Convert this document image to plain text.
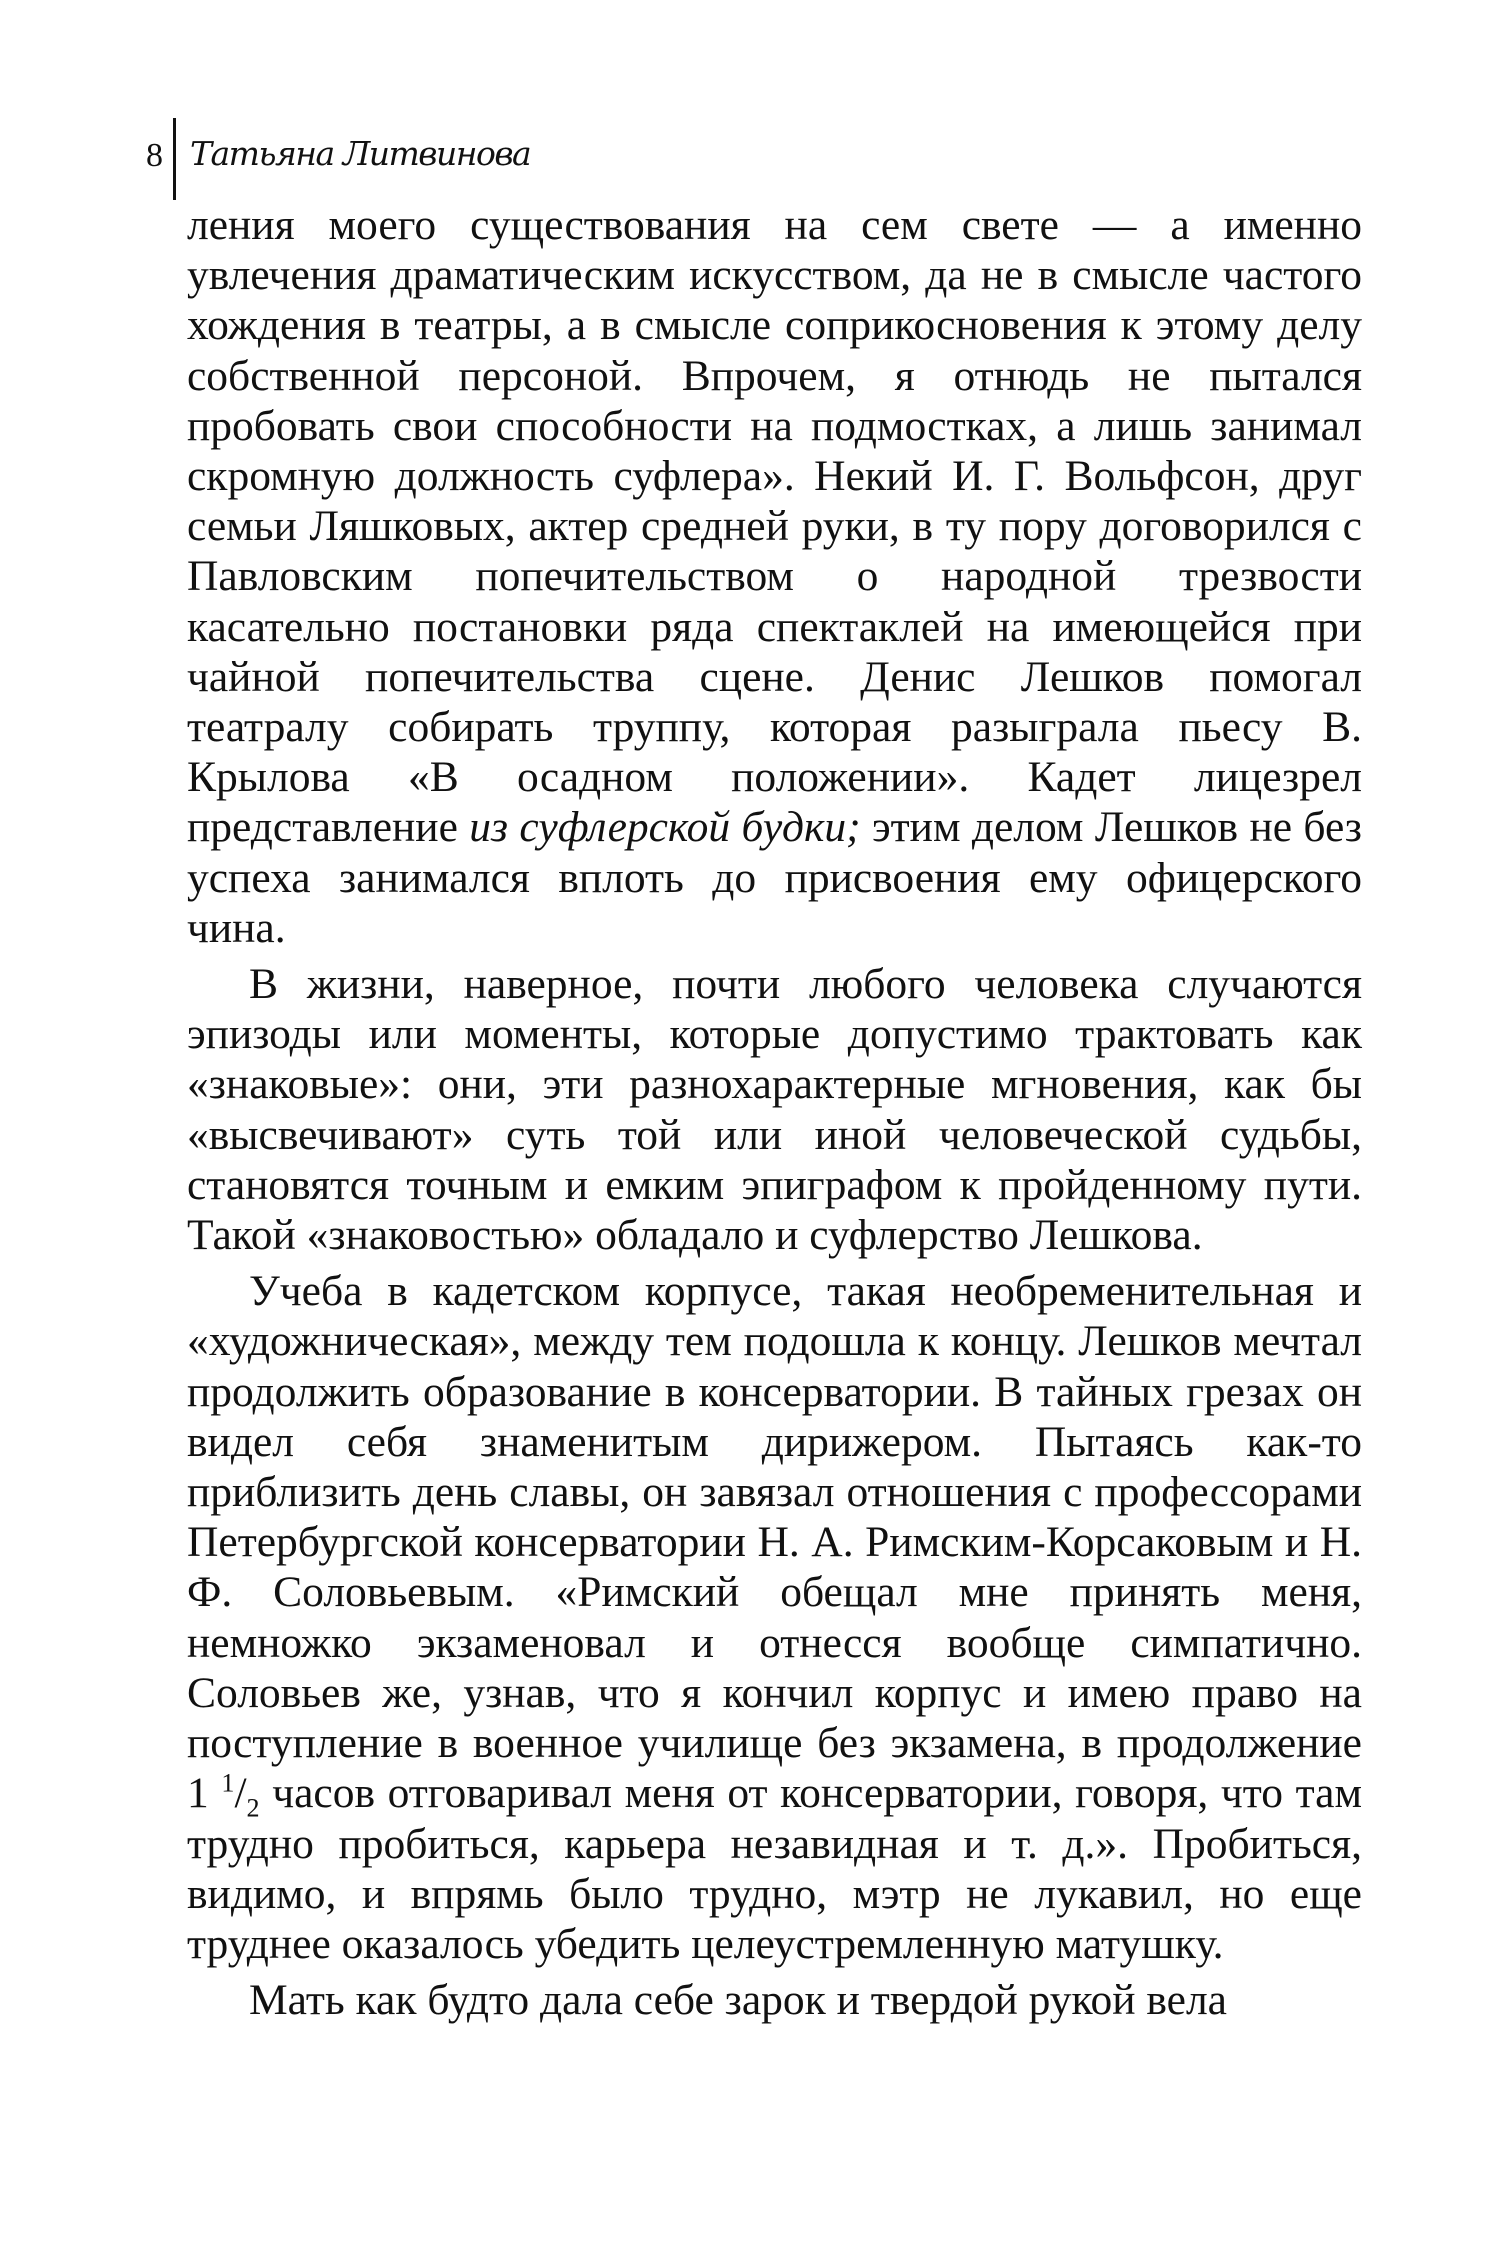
8 Татьяна Литвинова

ления моего существования на сем свете — а именно увлечения драматическим искусством, да не в смысле частого хождения в театры, а в смысле соприкосновения к этому делу собственной персоной. Впрочем, я отнюдь не пытался пробовать свои способности на подмостках, а лишь занимал скромную должность суфлера». Некий И. Г. Вольфсон, друг семьи Ляшковых, актер средней руки, в ту пору договорился с Павловским попечительством о народной трезвости касательно постановки ряда спектаклей на имеющейся при чайной попечительства сцене. Денис Лешков помогал театралу собирать труппу, которая разыграла пьесу В. Крылова «В осадном положении». Кадет лицезрел представление из суфлерской будки; этим делом Лешков не без успеха занимался вплоть до присвоения ему офицерского чина.

В жизни, наверное, почти любого человека случаются эпизоды или моменты, которые допустимо трактовать как «знаковые»: они, эти разнохарактерные мгновения, как бы «высвечивают» суть той или иной человеческой судьбы, становятся точным и емким эпиграфом к пройденному пути. Такой «знаковостью» обладало и суфлерство Лешкова.

Учеба в кадетском корпусе, такая необременительная и «художническая», между тем подошла к концу. Лешков мечтал продолжить образование в консерватории. В тайных грезах он видел себя знаменитым дирижером. Пытаясь как-то приблизить день славы, он завязал отношения с профессорами Петербургской консерватории Н. А. Римским-Корсаковым и Н. Ф. Соловьевым. «Римский обещал мне принять меня, немножко экзаменовал и отнесся вообще симпатично. Соловьев же, узнав, что я кончил корпус и имею право на поступление в военное училище без экзамена, в продолжение 1 $^1/_2$ часов отговаривал меня от консерватории, говоря, что там трудно пробиться, карьера незавидная и т. д.». Пробиться, видимо, и впрямь было трудно, мэтр не лукавил, но еще труднее оказалось убедить целеустремленную матушку.

Мать как будто дала себе зарок и твердой рукой вела
